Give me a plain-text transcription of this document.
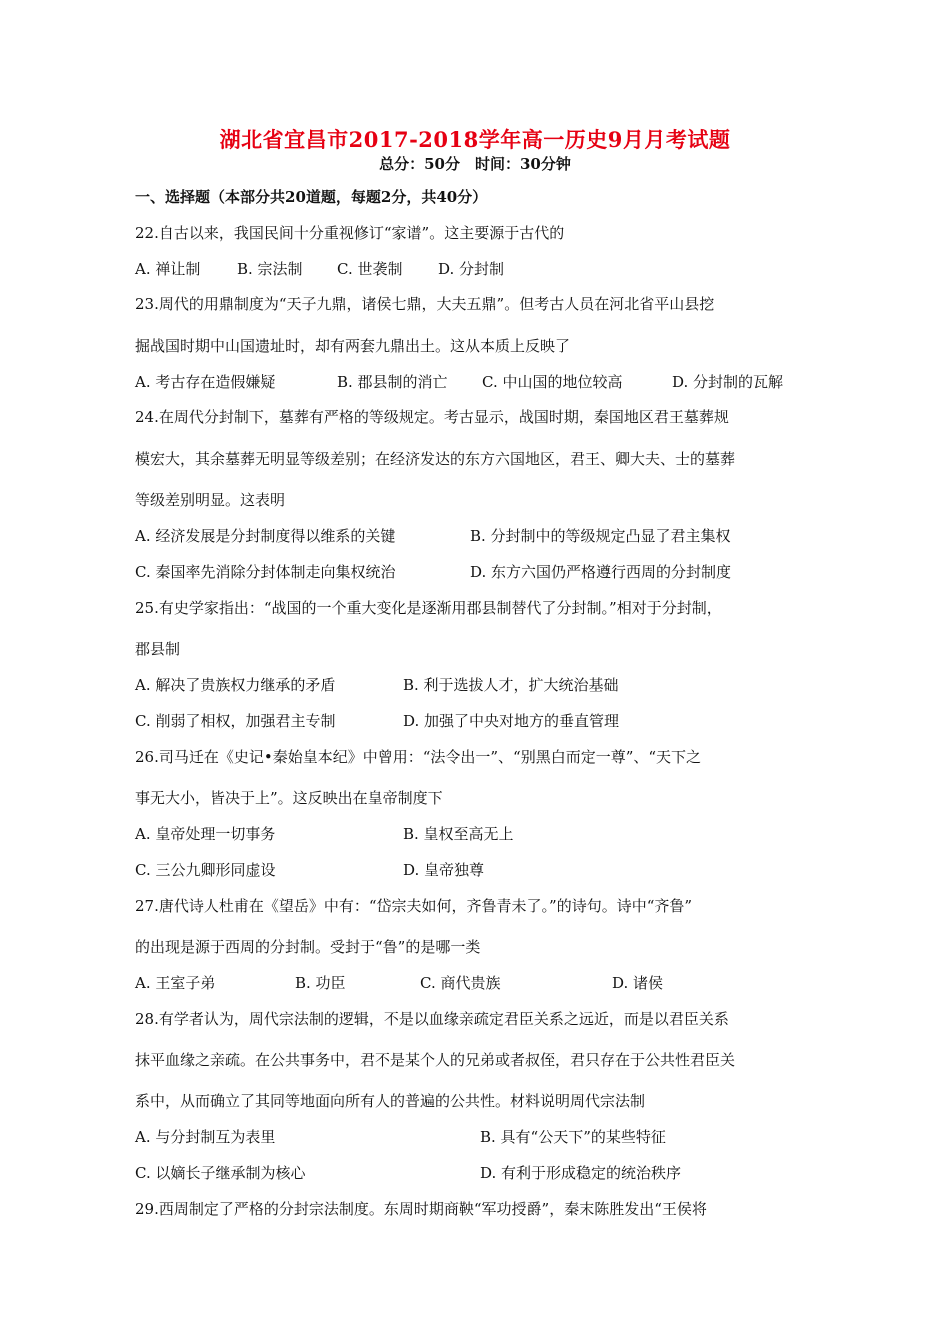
湖北省宜昌市2017-2018学年高一历史9月月考试题
总分：50分　时间：30分钟
一、选择题（本部分共20道题，每题2分，共40分）
22.自古以来，我国民间十分重视修订“家谱”。这主要源于古代的
A. 禅让制 B. 宗法制 C. 世袭制 D. 分封制
23.周代的用鼎制度为“天子九鼎，诸侯七鼎，大夫五鼎”。但考古人员在河北省平山县挖
掘战国时期中山国遗址时，却有两套九鼎出土。这从本质上反映了
A. 考古存在造假嫌疑	B. 郡县制的消亡 C. 中山国的地位较高	D. 分封制的瓦解
24.在周代分封制下，墓葬有严格的等级规定。考古显示，战国时期，秦国地区君王墓葬规
模宏大，其余墓葬无明显等级差别；在经济发达的东方六国地区，君王、卿大夫、士的墓葬
等级差别明显。这表明
A. 经济发展是分封制度得以维系的关键	B. 分封制中的等级规定凸显了君主集权
C. 秦国率先消除分封体制走向集权统治	D. 东方六国仍严格遵行西周的分封制度
25.有史学家指出：“战国的一个重大变化是逐渐用郡县制替代了分封制。”相对于分封制，
郡县制
A. 解决了贵族权力继承的矛盾	B. 利于选拔人才，扩大统治基础
C. 削弱了相权，加强君主专制	D. 加强了中央对地方的垂直管理
26.司马迁在《史记•秦始皇本纪》中曾用：“法令出一”、“别黑白而定一尊”、“天下之
事无大小，皆决于上”。这反映出在皇帝制度下
A. 皇帝处理一切事务	B. 皇权至高无上
C. 三公九卿形同虚设	D. 皇帝独尊
27.唐代诗人杜甫在《望岳》中有：“岱宗夫如何，齐鲁青未了。”的诗句。诗中“齐鲁”
的出现是源于西周的分封制。受封于“鲁”的是哪一类
A. 王室子弟	B. 功臣	C. 商代贵族	D. 诸侯
28.有学者认为，周代宗法制的逻辑，不是以血缘亲疏定君臣关系之远近，而是以君臣关系
抹平血缘之亲疏。在公共事务中，君不是某个人的兄弟或者叔侄，君只存在于公共性君臣关
系中，从而确立了其同等地面向所有人的普遍的公共性。材料说明周代宗法制
A. 与分封制互为表里	B. 具有“公天下”的某些特征
C. 以嫡长子继承制为核心	D. 有利于形成稳定的统治秩序
29.西周制定了严格的分封宗法制度。东周时期商鞅“军功授爵”，秦末陈胜发出“王侯将
